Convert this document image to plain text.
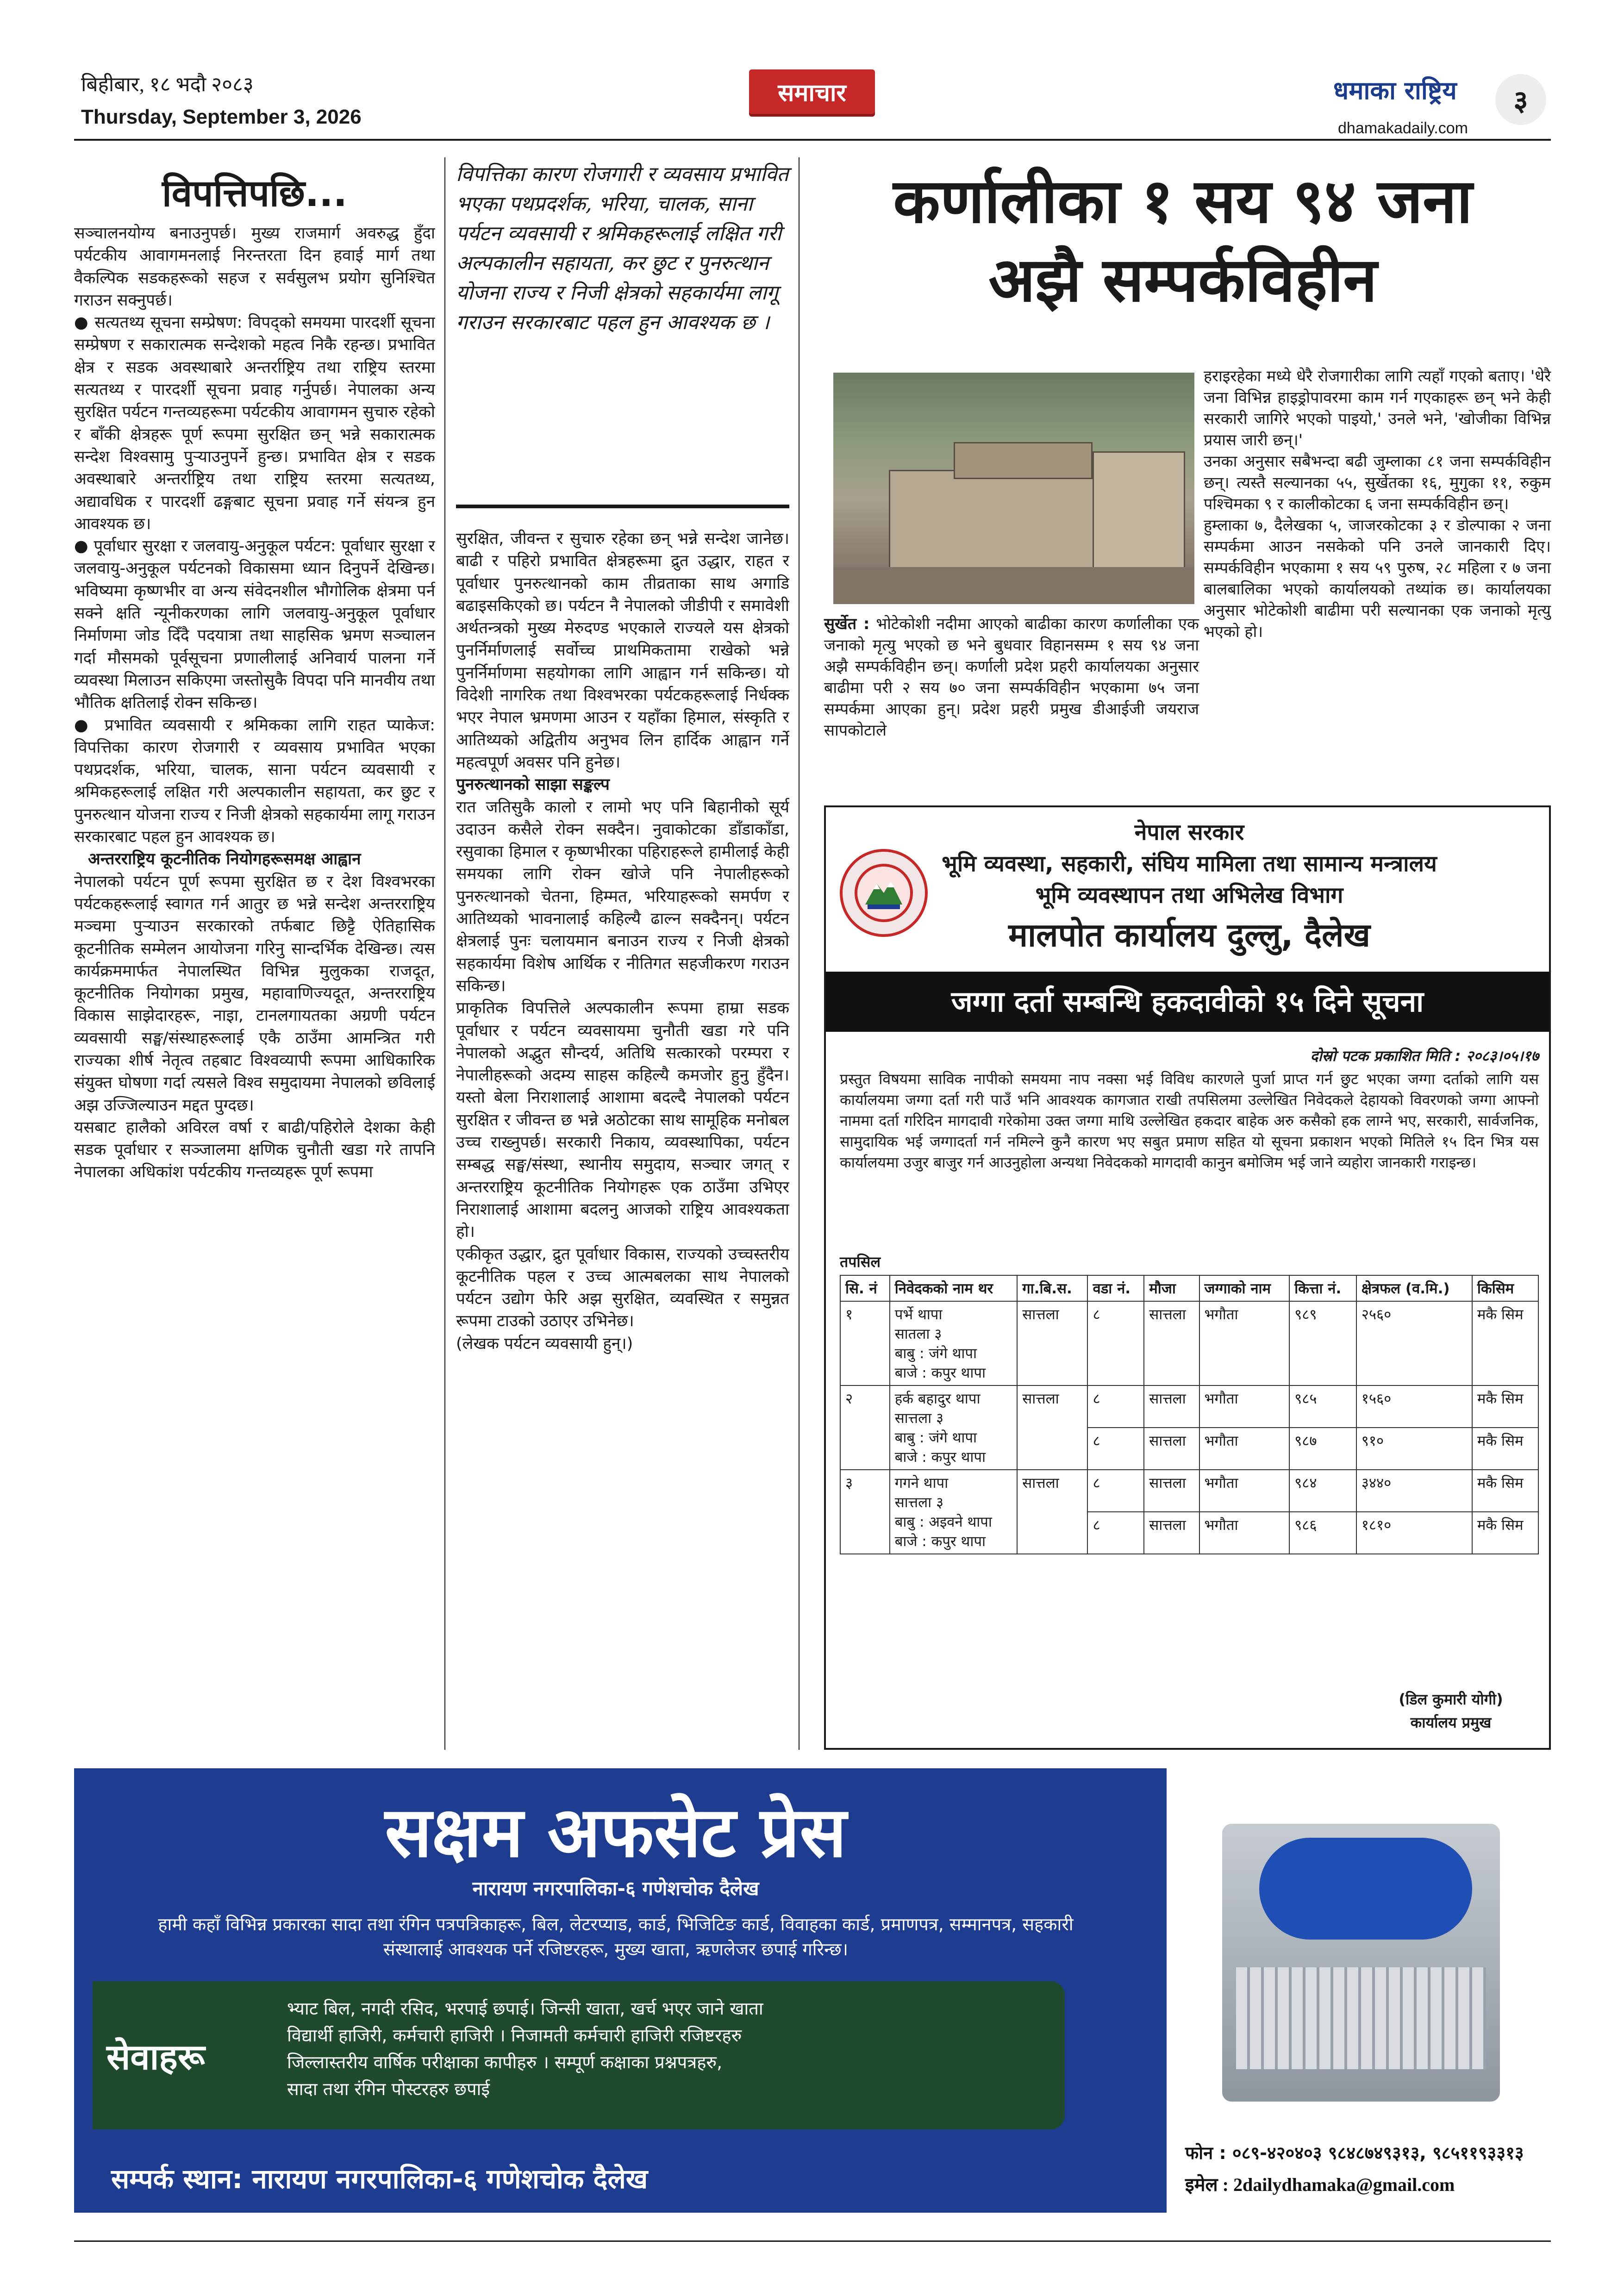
बिहीबार, १८ भदौ २०८३
Thursday, September 3, 2026
समाचार	धमाका राष्ट्रिय
dhamakadaily.com
३
विपत्तिपछि...

सञ्चालनयोग्य बनाउनुपर्छ। मुख्य राजमार्ग अवरुद्ध हुँदा पर्यटकीय आवागमनलाई निरन्तरता दिन हवाई मार्ग तथा वैकल्पिक सडकहरूको सहज र सर्वसुलभ प्रयोग सुनिश्चित गराउन सक्नुपर्छ।

● सत्यतथ्य सूचना सम्प्रेषण: विपद्को समयमा पारदर्शी सूचना सम्प्रेषण र सकारात्मक सन्देशको महत्व निकै रहन्छ। प्रभावित क्षेत्र र सडक अवस्थाबारे अन्तर्राष्ट्रिय तथा राष्ट्रिय स्तरमा सत्यतथ्य र पारदर्शी सूचना प्रवाह गर्नुपर्छ। नेपालका अन्य सुरक्षित पर्यटन गन्तव्यहरूमा पर्यटकीय आवागमन सुचारु रहेको र बाँकी क्षेत्रहरू पूर्ण रूपमा सुरक्षित छन् भन्ने सकारात्मक सन्देश विश्वसामु पुऱ्याउनुपर्ने हुन्छ। प्रभावित क्षेत्र र सडक अवस्थाबारे अन्तर्राष्ट्रिय तथा राष्ट्रिय स्तरमा सत्यतथ्य, अद्यावधिक र पारदर्शी ढङ्गबाट सूचना प्रवाह गर्ने संयन्त्र हुन आवश्यक छ।

● पूर्वाधार सुरक्षा र जलवायु-अनुकूल पर्यटन: पूर्वाधार सुरक्षा र जलवायु-अनुकूल पर्यटनको विकासमा ध्यान दिनुपर्ने देखिन्छ। भविष्यमा कृष्णभीर वा अन्य संवेदनशील भौगोलिक क्षेत्रमा पर्न सक्ने क्षति न्यूनीकरणका लागि जलवायु-अनुकूल पूर्वाधार निर्माणमा जोड दिँदै पदयात्रा तथा साहसिक भ्रमण सञ्चालन गर्दा मौसमको पूर्वसूचना प्रणालीलाई अनिवार्य पालना गर्ने व्यवस्था मिलाउन सकिएमा जस्तोसुकै विपदा पनि मानवीय तथा भौतिक क्षतिलाई रोक्न सकिन्छ।

● प्रभावित व्यवसायी र श्रमिकका लागि राहत प्याकेज: विपत्तिका कारण रोजगारी र व्यवसाय प्रभावित भएका पथप्रदर्शक, भरिया, चालक, साना पर्यटन व्यवसायी र श्रमिकहरूलाई लक्षित गरी अल्पकालीन सहायता, कर छुट र पुनरुत्थान योजना राज्य र निजी क्षेत्रको सहकार्यमा लागू गराउन सरकारबाट पहल हुन आवश्यक छ।

अन्तरराष्ट्रिय कूटनीतिक नियोगहरूसमक्ष आह्वान

नेपालको पर्यटन पूर्ण रूपमा सुरक्षित छ र देश विश्वभरका पर्यटकहरूलाई स्वागत गर्न आतुर छ भन्ने सन्देश अन्तरराष्ट्रिय मञ्चमा पुऱ्याउन सरकारको तर्फबाट छिट्टै ऐतिहासिक कूटनीतिक सम्मेलन आयोजना गरिनु सान्दर्भिक देखिन्छ। त्यस कार्यक्रममार्फत नेपालस्थित विभिन्न मुलुकका राजदूत, कूटनीतिक नियोगका प्रमुख, महावाणिज्यदूत, अन्तरराष्ट्रिय विकास साझेदारहरू, नाइा, टानलगायतका अग्रणी पर्यटन व्यवसायी सङ्घ/संस्थाहरूलाई एकै ठाउँमा आमन्त्रित गरी राज्यका शीर्ष नेतृत्व तहबाट विश्वव्यापी रूपमा आधिकारिक संयुक्त घोषणा गर्दा त्यसले विश्व समुदायमा नेपालको छविलाई अझ उज्जिल्याउन मद्दत पुग्दछ।

यसबाट हालैको अविरल वर्षा र बाढी/पहिरोले देशका केही सडक पूर्वाधार र सञ्जालमा क्षणिक चुनौती खडा गरे तापनि नेपालका अधिकांश पर्यटकीय गन्तव्यहरू पूर्ण रूपमा

विपत्तिका कारण रोजगारी र व्यवसाय प्रभावित भएका पथप्रदर्शक, भरिया, चालक, साना पर्यटन व्यवसायी र श्रमिकहरूलाई लक्षित गरी अल्पकालीन सहायता, कर छुट र पुनरुत्थान योजना राज्य र निजी क्षेत्रको सहकार्यमा लागू गराउन सरकारबाट पहल हुन आवश्यक छ ।

सुरक्षित, जीवन्त र सुचारु रहेका छन् भन्ने सन्देश जानेछ। बाढी र पहिरो प्रभावित क्षेत्रहरूमा द्रुत उद्धार, राहत र पूर्वाधार पुनरुत्थानको काम तीव्रताका साथ अगाडि बढाइसकिएको छ। पर्यटन नै नेपालको जीडीपी र समावेशी अर्थतन्त्रको मुख्य मेरुदण्ड भएकाले राज्यले यस क्षेत्रको पुनर्निर्माणलाई सर्वोच्च प्राथमिकतामा राखेको भन्ने पुनर्निर्माणमा सहयोगका लागि आह्वान गर्न सकिन्छ। यो विदेशी नागरिक तथा विश्वभरका पर्यटकहरूलाई निर्धक्क भएर नेपाल भ्रमणमा आउन र यहाँका हिमाल, संस्कृति र आतिथ्यको अद्वितीय अनुभव लिन हार्दिक आह्वान गर्ने महत्वपूर्ण अवसर पनि हुनेछ।

पुनरुत्थानको साझा सङ्कल्प

रात जतिसुकै कालो र लामो भए पनि बिहानीको सूर्य उदाउन कसैले रोक्न सक्दैन। नुवाकोटका डाँडाकाँडा, रसुवाका हिमाल र कृष्णभीरका पहिराहरूले हामीलाई केही समयका लागि रोक्न खोजे पनि नेपालीहरूको पुनरुत्थानको चेतना, हिम्मत, भरियाहरूको समर्पण र आतिथ्यको भावनालाई कहिल्यै ढाल्न सक्दैनन्। पर्यटन क्षेत्रलाई पुनः चलायमान बनाउन राज्य र निजी क्षेत्रको सहकार्यमा विशेष आर्थिक र नीतिगत सहजीकरण गराउन सकिन्छ।

प्राकृतिक विपत्तिले अल्पकालीन रूपमा हाम्रा सडक पूर्वाधार र पर्यटन व्यवसायमा चुनौती खडा गरे पनि नेपालको अद्भुत सौन्दर्य, अतिथि सत्कारको परम्परा र नेपालीहरूको अदम्य साहस कहिल्यै कमजोर हुनु हुँदैन। यस्तो बेला निराशालाई आशामा बदल्दै नेपालको पर्यटन सुरक्षित र जीवन्त छ भन्ने अठोटका साथ सामूहिक मनोबल उच्च राख्नुपर्छ। सरकारी निकाय, व्यवस्थापिका, पर्यटन सम्बद्ध सङ्घ/संस्था, स्थानीय समुदाय, सञ्चार जगत् र अन्तरराष्ट्रिय कूटनीतिक नियोगहरू एक ठाउँमा उभिएर निराशालाई आशामा बदलनु आजको राष्ट्रिय आवश्यकता हो।

एकीकृत उद्धार, द्रुत पूर्वाधार विकास, राज्यको उच्चस्तरीय कूटनीतिक पहल र उच्च आत्मबलका साथ नेपालको पर्यटन उद्योग फेरि अझ सुरक्षित, व्यवस्थित र समुन्नत रूपमा टाउको उठाएर उभिनेछ।

(लेखक पर्यटन व्यवसायी हुन्।)

कर्णालीका १ सय ९४ जना
अझै सम्पर्कविहीन
सुर्खेत : भोटेकोशी नदीमा आएको बाढीका कारण कर्णालीका एक जनाको मृत्यु भएको छ भने बुधवार विहानसम्म १ सय ९४ जना अझै सम्पर्कविहीन छन्। कर्णाली प्रदेश प्रहरी कार्यालयका अनुसार बाढीमा परी २ सय ७० जना सम्पर्कविहीन भएकामा ७५ जना सम्पर्कमा आएका हुन्। प्रदेश प्रहरी प्रमुख डीआईजी जयराज सापकोटाले

हराइरहेका मध्ये धेरै रोजगारीका लागि त्यहाँ गएको बताए। 'धेरै जना विभिन्न हाइड्रोपावरमा काम गर्न गएकाहरू छन् भने केही सरकारी जागिरे भएको पाइयो,' उनले भने, 'खोजीका विभिन्न प्रयास जारी छन्।'

उनका अनुसार सबैभन्दा बढी जुम्लाका ८१ जना सम्पर्कविहीन छन्। त्यस्तै सल्यानका ५५, सुर्खेतका १६, मुगुका ११, रुकुम पश्चिमका ९ र कालीकोटका ६ जना सम्पर्कविहीन छन्।

हुम्लाका ७, दैलेखका ५, जाजरकोटका ३ र डोल्पाका २ जना सम्पर्कमा आउन नसकेको पनि उनले जानकारी दिए। सम्पर्कविहीन भएकामा १ सय ५९ पुरुष, २८ महिला र ७ जना बालबालिका भएको कार्यालयको तथ्यांक छ। कार्यालयका अनुसार भोटेकोशी बाढीमा परी सल्यानका एक जनाको मृत्यु भएको हो।

नेपाल सरकार
भूमि व्यवस्था, सहकारी, संघिय मामिला तथा सामान्य मन्त्रालय
भूमि व्यवस्थापन तथा अभिलेख विभाग
मालपोत कार्यालय दुल्लु, दैलेख
जग्गा दर्ता सम्बन्धि हकदावीको १५ दिने सूचना
दोस्रो पटक प्रकाशित मिति : २०८३।०५।१७
प्रस्तुत विषयमा साविक नापीको समयमा नाप नक्सा भई विविध कारणले पुर्जा प्राप्त गर्न छुट भएका जग्गा दर्ताको लागि यस कार्यालयमा जग्गा दर्ता गरी पाउँ भनि आवश्यक कागजात राखी तपसिलमा उल्लेखित निवेदकले देहायको विवरणको जग्गा आफ्नो नाममा दर्ता गरिदिन मागदावी गरेकोमा उक्त जग्गा माथि उल्लेखित हकदार बाहेक अरु कसैको हक लाग्ने भए, सरकारी, सार्वजनिक, सामुदायिक भई जग्गादर्ता गर्न नमिल्ने कुनै कारण भए सबुत प्रमाण सहित यो सूचना प्रकाशन भएको मितिले १५ दिन भित्र यस कार्यालयमा उजुर बाजुर गर्न आउनुहोला अन्यथा निवेदकको मागदावी कानुन बमोजिम भई जाने व्यहोरा जानकारी गराइन्छ।
तपसिल
सि. नं	निवेदकको नाम थर	गा.बि.स.	वडा नं.	मौजा	जग्गाको नाम	कित्ता नं.	क्षेत्रफल (व.मि.)	किसिम
१	पर्भे थापा
सातला ३
बाबु : जंगे थापा
बाजे : कपुर थापा	सात्तला	८	सात्तला	भगौता	९८९	२५६०	मकै सिम
२	हर्क बहादुर थापा
सात्तला ३
बाबु : जंगे थापा
बाजे : कपुर थापा	सात्तला	८	सात्तला	भगौता	९८५	१५६०	मकै सिम
			८	सात्तला	भगौता	९८७	९१०	मकै सिम
३	गगने थापा
सात्तला ३
बाबु : अइवने थापा
बाजे : कपुर थापा	सात्तला	८	सात्तला	भगौता	९८४	३४४०	मकै सिम
			८	सात्तला	भगौता	९८६	१८१०	मकै सिम
(डिल कुमारी योगी)
कार्यालय प्रमुख
सक्षम अफसेट प्रेस
नारायण नगरपालिका-६ गणेशचोक दैलेख
हामी कहाँ विभिन्न प्रकारका सादा तथा रंगिन पत्रपत्रिकाहरू, बिल, लेटरप्याड, कार्ड, भिजिटिङ कार्ड, विवाहका कार्ड, प्रमाणपत्र, सम्मानपत्र, सहकारी संस्थालाई आवश्यक पर्ने रजिष्टरहरू, मुख्य खाता, ऋणलेजर छपाई गरिन्छ।
सेवाहरू
भ्याट बिल, नगदी रसिद, भरपाई छपाई। जिन्सी खाता, खर्च भएर जाने खाता
विद्यार्थी हाजिरी, कर्मचारी हाजिरी । निजामती कर्मचारी हाजिरी रजिष्टरहरु
जिल्लास्तरीय वार्षिक परीक्षाका कापीहरु । सम्पूर्ण कक्षाका प्रश्नपत्रहरु,
सादा तथा रंगिन पोस्टरहरु छपाई
सम्पर्क स्थान: नारायण नगरपालिका-६ गणेशचोक दैलेख
फोन : ०८९-४२०४०३ ९८४८७४९३१३, ९८५११९३३१३
इमेल : 2dailydhamaka@gmail.com
